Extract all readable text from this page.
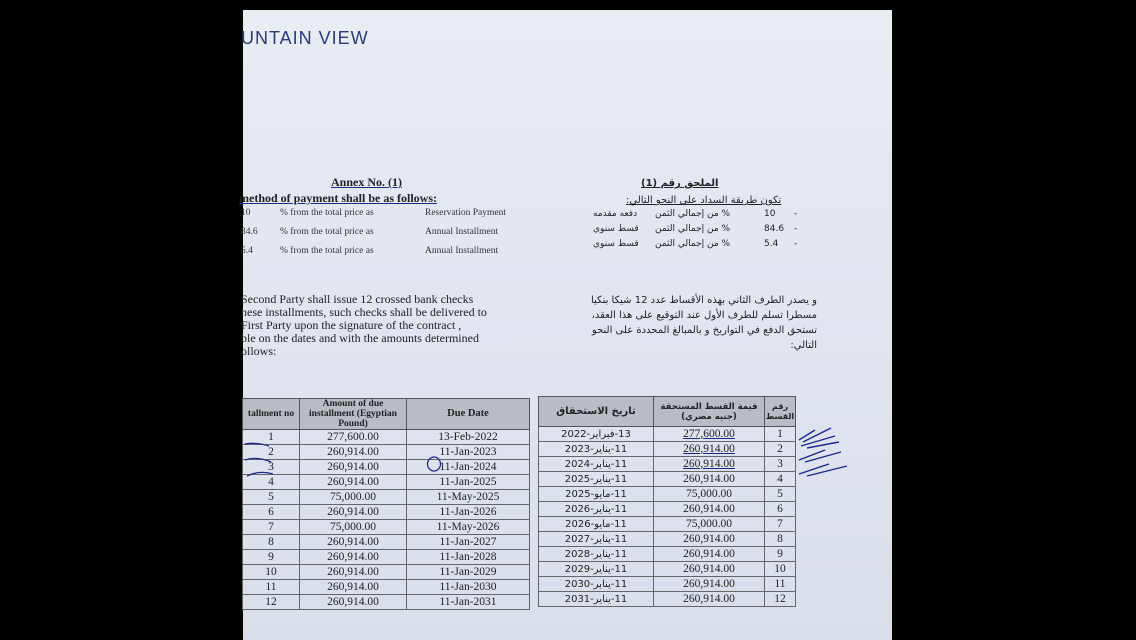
UNTAIN VIEW
Annex No. (1)
method of payment shall be as follows:
10	% from the total price as	Reservation Payment
84.6 % from the total price as	Annual Installment
5.4	% from the total price as	Annual Installment
الملحق رقم (1)
تكون طريقة السداد على النحو التالي:
دفعه مقدمه % من إجمالي الثمن	10 -
قسط سنوي % من إجمالي الثمن	84.6 -
قسط سنوي % من إجمالي الثمن	5.4 -
Second Party shall issue 12 crossed bank checks
hese installments, such checks shall be delivered to
First Party upon the signature of the contract ,
ble on the dates and with the amounts determined
ollows:
و يصدر الطرف الثاني بهذه الأقساط عدد 12 شيكا بنكيا
مسطرا تسلم للطرف الأول عند التوقيع على هذا العقد،
تستحق الدفع في التواريخ و بالمبالغ المحددة على النحو
التالي:
tallment no	Amount of due installment (Egyptian Pound)	Due Date
1	277,600.00	13-Feb-2022
2	260,914.00	11-Jan-2023
3	260,914.00	11-Jan-2024
4	260,914.00	11-Jan-2025
5	75,000.00	11-May-2025
6	260,914.00	11-Jan-2026
7	75,000.00	11-May-2026
8	260,914.00	11-Jan-2027
9	260,914.00	11-Jan-2028
10	260,914.00	11-Jan-2029
11	260,914.00	11-Jan-2030
12	260,914.00	11-Jan-2031
تاريخ الاستحقاق	قيمة القسط المستحقة (جنيه مصري)	رقم القسط
13-فبراير-2022	277,600.00	1
11-يناير-2023	260,914.00	2
11-يناير-2024	260,914.00	3
11-يناير-2025	260,914.00	4
11-مايو-2025	75,000.00	5
11-يناير-2026	260,914.00	6
11-مايو-2026	75,000.00	7
11-يناير-2027	260,914.00	8
11-يناير-2028	260,914.00	9
11-يناير-2029	260,914.00	10
11-يناير-2030	260,914.00	11
11-يناير-2031	260,914.00	12
